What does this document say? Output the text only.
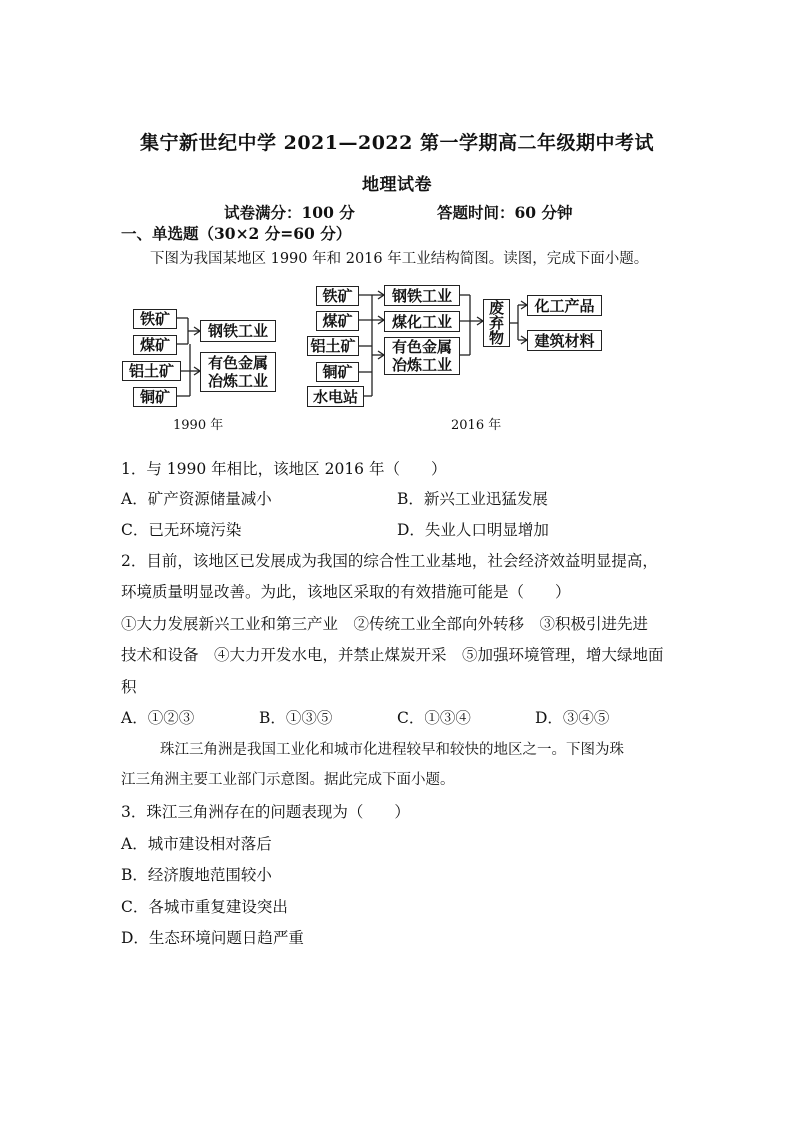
集宁新世纪中学 2021—2022 第一学期高二年级期中考试
地理试卷
试卷满分：100 分	答题时间：60 分钟
一、单选题（30×2 分=60 分）
下图为我国某地区 1990 年和 2016 年工业结构简图。读图，完成下面小题。
铁矿
煤矿
铝土矿
铜矿
钢铁工业
有色金属冶炼工业
1990 年
铁矿
煤矿
铝土矿
铜矿
水电站
钢铁工业
煤化工业
有色金属冶炼工业
废弃物
化工产品
建筑材料
2016 年
1．与 1990 年相比，该地区 2016 年（　　）
A．矿产资源储量减小	B．新兴工业迅猛发展
C．已无环境污染	D．失业人口明显增加
2．目前，该地区已发展成为我国的综合性工业基地，社会经济效益明显提高，
环境质量明显改善。为此，该地区采取的有效措施可能是（　　）
①大力发展新兴工业和第三产业　②传统工业全部向外转移　③积极引进先进
技术和设备　④大力开发水电，并禁止煤炭开采　⑤加强环境管理，增大绿地面
积
A．①②③	B．①③⑤	C．①③④	D．③④⑤
珠江三角洲是我国工业化和城市化进程较早和较快的地区之一。下图为珠
江三角洲主要工业部门示意图。据此完成下面小题。
3．珠江三角洲存在的问题表现为（　　）
A．城市建设相对落后
B．经济腹地范围较小
C．各城市重复建设突出
D．生态环境问题日趋严重
